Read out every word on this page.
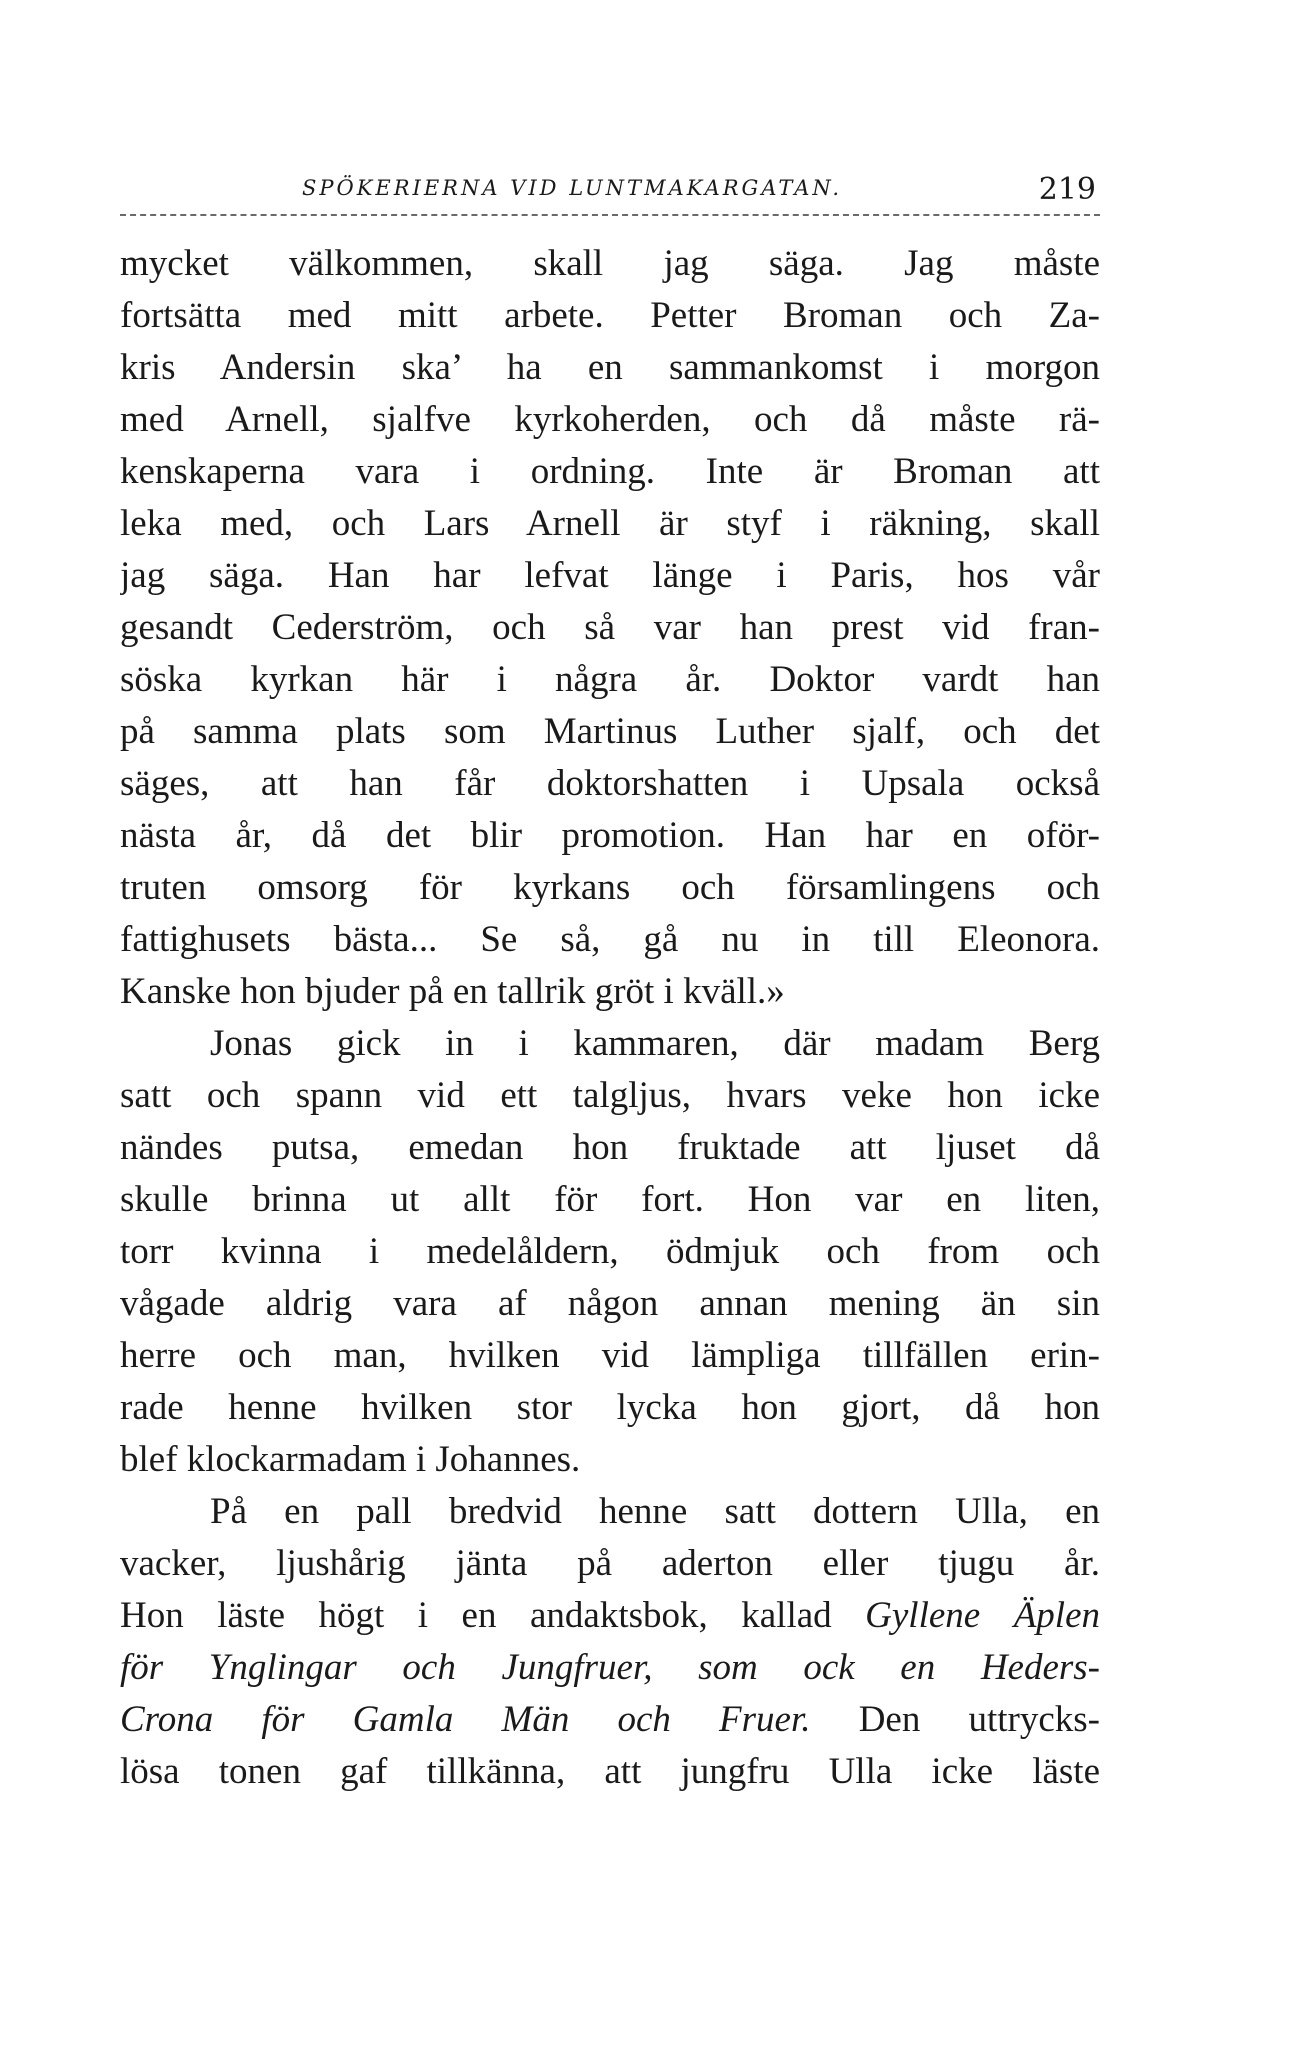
SPÖKERIERNA VID LUNTMAKARGATAN.	219
mycket välkommen, skall jag säga. Jag måste
fortsätta med mitt arbete. Petter Broman och Za-
kris Andersin ska’ ha en sammankomst i morgon
med Arnell, sjalfve kyrkoherden, och då måste rä-
kenskaperna vara i ordning. Inte är Broman att
leka med, och Lars Arnell är styf i räkning, skall
jag säga. Han har lefvat länge i Paris, hos vår
gesandt Cederström, och så var han prest vid fran-
söska kyrkan här i några år. Doktor vardt han
på samma plats som Martinus Luther sjalf, och det
säges, att han får doktorshatten i Upsala också
nästa år, då det blir promotion. Han har en oför-
truten omsorg för kyrkans och församlingens och
fattighusets bästa... Se så, gå nu in till Eleonora.
Kanske hon bjuder på en tallrik gröt i kväll.»
Jonas gick in i kammaren, där madam Berg
satt och spann vid ett talgljus, hvars veke hon icke
nändes putsa, emedan hon fruktade att ljuset då
skulle brinna ut allt för fort. Hon var en liten,
torr kvinna i medelåldern, ödmjuk och from och
vågade aldrig vara af någon annan mening än sin
herre och man, hvilken vid lämpliga tillfällen erin-
rade henne hvilken stor lycka hon gjort, då hon
blef klockarmadam i Johannes.
På en pall bredvid henne satt dottern Ulla, en
vacker, ljushårig jänta på aderton eller tjugu år.
Hon läste högt i en andaktsbok, kallad Gyllene Äplen
för Ynglingar och Jungfruer, som ock en Heders-
Crona för Gamla Män och Fruer. Den uttrycks-
lösa tonen gaf tillkänna, att jungfru Ulla icke läste
